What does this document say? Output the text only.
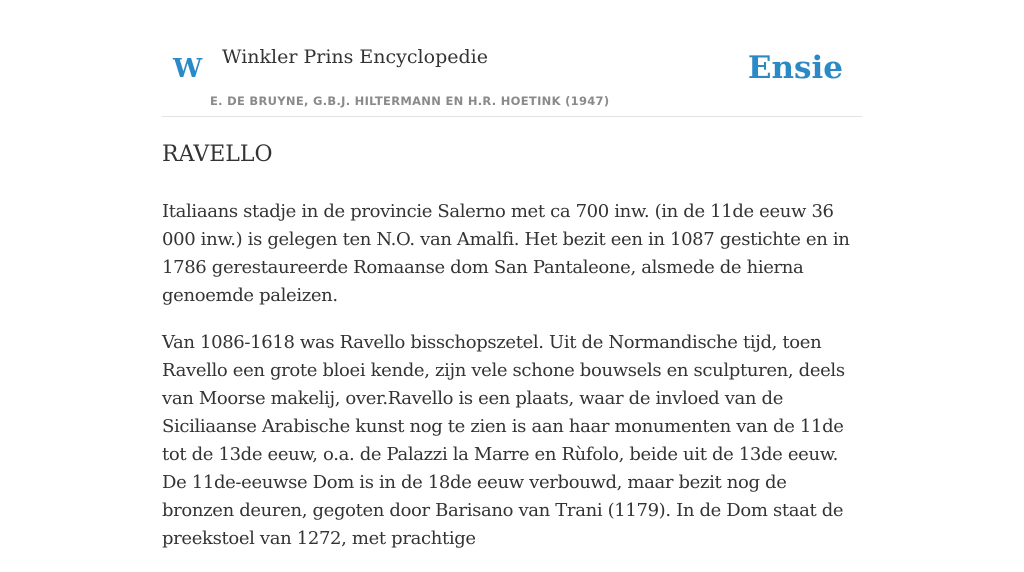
W Winkler Prins Encyclopedie
E. DE BRUYNE, G.B.J. HILTERMANN EN H.R. HOETINK (1947)
Ensie
RAVELLO

Italiaans stadje in de provincie Salerno met ca 700 inw. (in de 11de eeuw 36 000 inw.) is gelegen ten N.O. van Amalfi. Het bezit een in 1087 gestichte en in 1786 gerestaureerde Romaanse dom San Pantaleone, alsmede de hierna genoemde paleizen.

Van 1086-1618 was Ravello bisschopszetel. Uit de Normandische tijd, toen Ravello een grote bloei kende, zijn vele schone bouwsels en sculpturen, deels van Moorse makelij, over.Ravello is een plaats, waar de invloed van de Siciliaanse Arabische kunst nog te zien is aan haar monumenten van de 11de tot de 13de eeuw, o.a. de Palazzi la Marre en Rùfolo, beide uit de 13de eeuw. De 11de-eeuwse Dom is in de 18de eeuw verbouwd, maar bezit nog de bronzen deuren, gegoten door Barisano van Trani (1179). In de Dom staat de preekstoel van 1272, met prachtige
